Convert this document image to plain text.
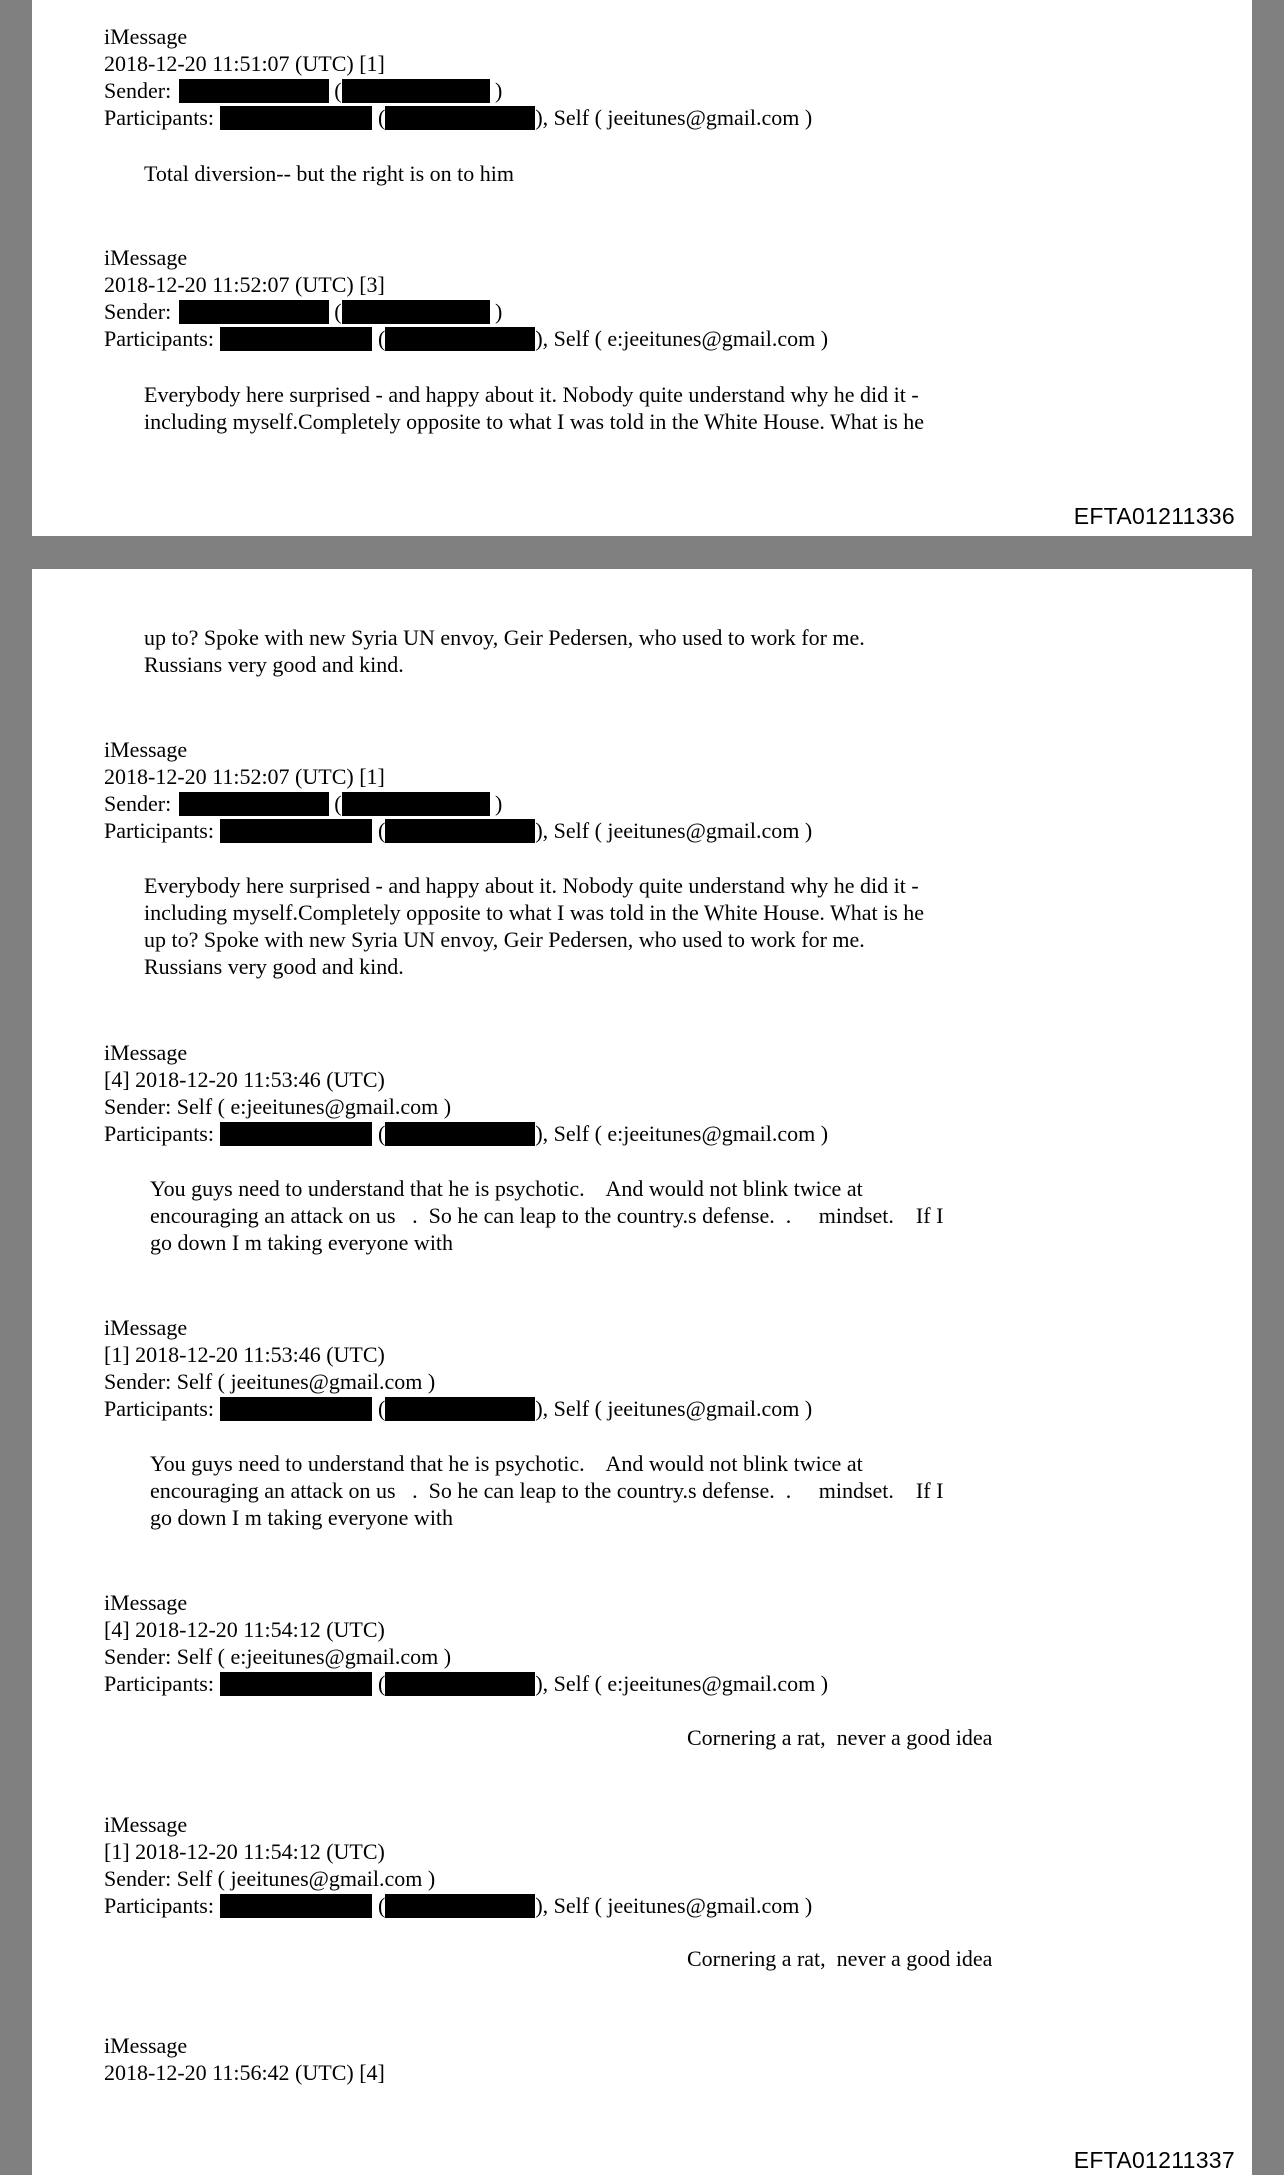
iMessage
2018-12-20 11:51:07 (UTC) [1]
Sender:	(	)
Participants:	(	), Self ( jeeitunes@gmail.com )
Total diversion-- but the right is on to him
iMessage
2018-12-20 11:52:07 (UTC) [3]
Sender:	(	)
Participants:	(	), Self ( e:jeeitunes@gmail.com )
Everybody here surprised - and happy about it. Nobody quite understand why he did it -
including myself.Completely opposite to what I was told in the White House. What is he
EFTA01211336
up to? Spoke with new Syria UN envoy, Geir Pedersen, who used to work for me.
Russians very good and kind.
iMessage
2018-12-20 11:52:07 (UTC) [1]
Sender:	(	)
Participants:	(	), Self ( jeeitunes@gmail.com )
Everybody here surprised - and happy about it. Nobody quite understand why he did it -
including myself.Completely opposite to what I was told in the White House. What is he
up to? Spoke with new Syria UN envoy, Geir Pedersen, who used to work for me.
Russians very good and kind.
iMessage
[4] 2018-12-20 11:53:46 (UTC)
Sender: Self ( e:jeeitunes@gmail.com )
Participants:	(	), Self ( e:jeeitunes@gmail.com )
You guys need to understand that he is psychotic.    And would not blink twice at
encouraging an attack on us   .  So he can leap to the country.s defense.  .     mindset.    If I
go down I m taking everyone with
iMessage
[1] 2018-12-20 11:53:46 (UTC)
Sender: Self ( jeeitunes@gmail.com )
Participants:	(	), Self ( jeeitunes@gmail.com )
You guys need to understand that he is psychotic.    And would not blink twice at
encouraging an attack on us   .  So he can leap to the country.s defense.  .     mindset.    If I
go down I m taking everyone with
iMessage
[4] 2018-12-20 11:54:12 (UTC)
Sender: Self ( e:jeeitunes@gmail.com )
Participants:	(	), Self ( e:jeeitunes@gmail.com )
Cornering a rat,  never a good idea
iMessage
[1] 2018-12-20 11:54:12 (UTC)
Sender: Self ( jeeitunes@gmail.com )
Participants:	(	), Self ( jeeitunes@gmail.com )
Cornering a rat,  never a good idea
iMessage
2018-12-20 11:56:42 (UTC) [4]
EFTA01211337
